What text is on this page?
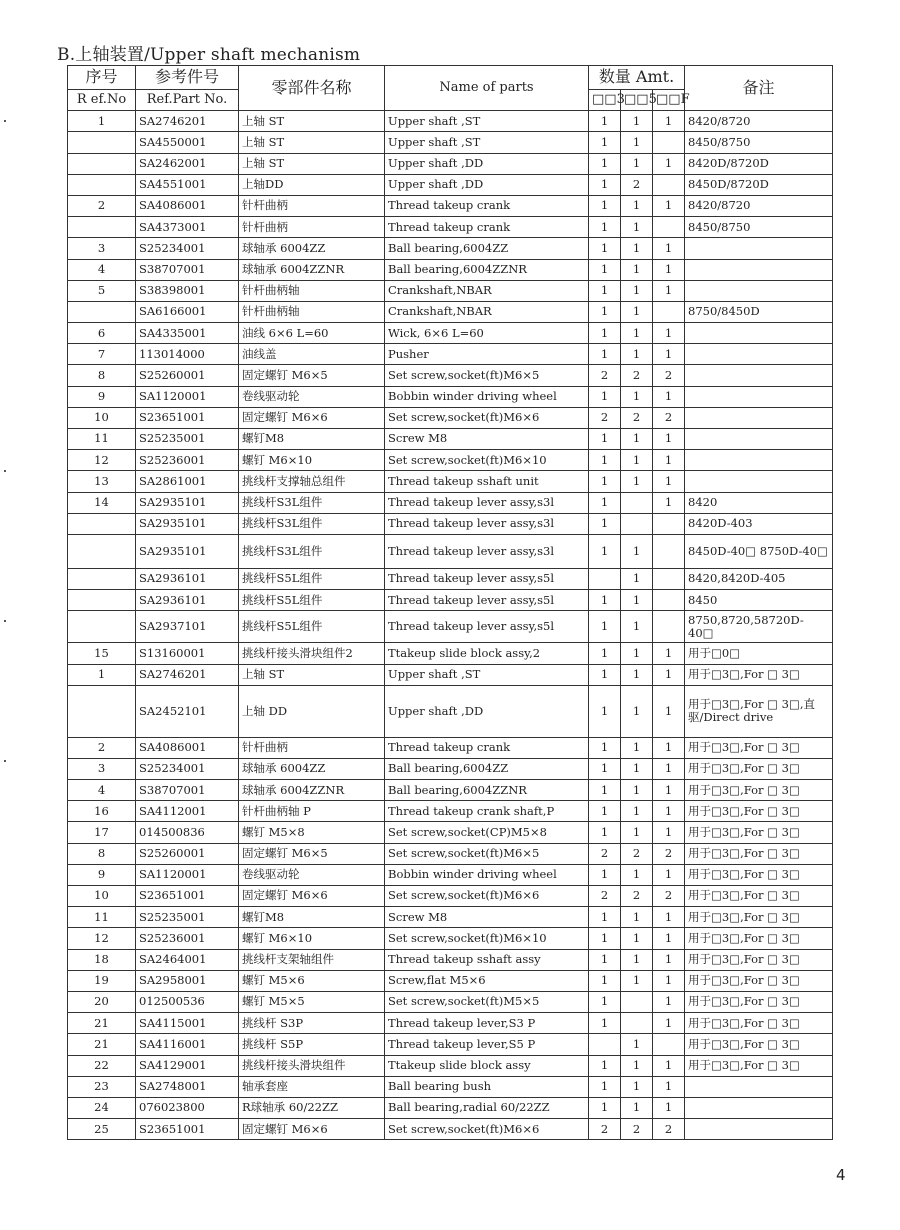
B.上轴装置/Upper shaft mechanism
序号	参考件号	零部件名称	Name of parts	数量 Amt.			备注
R ef.No	Ref.Part No.			□□3	□□5	□□F	
1	SA2746201	上轴 ST	Upper shaft ,ST	1	1	1	8420/8720
	SA4550001	上轴 ST	Upper shaft ,ST	1	1		8450/8750
	SA2462001	上轴 ST	Upper shaft ,DD	1	1	1	8420D/8720D
	SA4551001	上轴DD	Upper shaft ,DD	1	2		8450D/8720D
2	SA4086001	针杆曲柄	Thread takeup crank	1	1	1	8420/8720
	SA4373001	针杆曲柄	Thread takeup crank	1	1		8450/8750
3	S25234001	球轴承 6004ZZ	Ball bearing,6004ZZ	1	1	1	
4	S38707001	球轴承 6004ZZNR	Ball bearing,6004ZZNR	1	1	1	
5	S38398001	针杆曲柄轴	Crankshaft,NBAR	1	1	1	
	SA6166001	针杆曲柄轴	Crankshaft,NBAR	1	1		8750/8450D
6	SA4335001	油线 6×6 L=60	Wick, 6×6 L=60	1	1	1	
7	113014000	油线盖	Pusher	1	1	1	
8	S25260001	固定螺钉 M6×5	Set screw,socket(ft)M6×5	2	2	2	
9	SA1120001	卷线驱动轮	Bobbin winder driving wheel	1	1	1	
10	S23651001	固定螺钉 M6×6	Set screw,socket(ft)M6×6	2	2	2	
11	S25235001	螺钉M8	Screw M8	1	1	1	
12	S25236001	螺钉 M6×10	Set screw,socket(ft)M6×10	1	1	1	
13	SA2861001	挑线杆支撑轴总组件	Thread takeup sshaft unit	1	1	1	
14	SA2935101	挑线杆S3L组件	Thread takeup lever assy,s3l	1		1	8420
	SA2935101	挑线杆S3L组件	Thread takeup lever assy,s3l	1			8420D-403
	SA2935101	挑线杆S3L组件	Thread takeup lever assy,s3l	1	1		8450D-40□ 8750D-40□
	SA2936101	挑线杆S5L组件	Thread takeup lever assy,s5l		1		8420,8420D-405
	SA2936101	挑线杆S5L组件	Thread takeup lever assy,s5l	1	1		8450
	SA2937101	挑线杆S5L组件	Thread takeup lever assy,s5l	1	1		8750,8720,58720D-40□
15	S13160001	挑线杆接头滑块组件2	Ttakeup slide block assy,2	1	1	1	用于□0□
1	SA2746201	上轴 ST	Upper shaft ,ST	1	1	1	用于□3□,For □ 3□
	SA2452101	上轴 DD	Upper shaft ,DD	1	1	1	用于□3□,For □ 3□,直驱/Direct drive
2	SA4086001	针杆曲柄	Thread takeup crank	1	1	1	用于□3□,For □ 3□
3	S25234001	球轴承 6004ZZ	Ball bearing,6004ZZ	1	1	1	用于□3□,For □ 3□
4	S38707001	球轴承 6004ZZNR	Ball bearing,6004ZZNR	1	1	1	用于□3□,For □ 3□
16	SA4112001	针杆曲柄轴 P	Thread takeup crank shaft,P	1	1	1	用于□3□,For □ 3□
17	014500836	螺钉 M5×8	Set screw,socket(CP)M5×8	1	1	1	用于□3□,For □ 3□
8	S25260001	固定螺钉 M6×5	Set screw,socket(ft)M6×5	2	2	2	用于□3□,For □ 3□
9	SA1120001	卷线驱动轮	Bobbin winder driving wheel	1	1	1	用于□3□,For □ 3□
10	S23651001	固定螺钉 M6×6	Set screw,socket(ft)M6×6	2	2	2	用于□3□,For □ 3□
11	S25235001	螺钉M8	Screw M8	1	1	1	用于□3□,For □ 3□
12	S25236001	螺钉 M6×10	Set screw,socket(ft)M6×10	1	1	1	用于□3□,For □ 3□
18	SA2464001	挑线杆支架轴组件	Thread takeup sshaft assy	1	1	1	用于□3□,For □ 3□
19	SA2958001	螺钉 M5×6	Screw,flat M5×6	1	1	1	用于□3□,For □ 3□
20	012500536	螺钉 M5×5	Set screw,socket(ft)M5×5	1		1	用于□3□,For □ 3□
21	SA4115001	挑线杆 S3P	Thread takeup lever,S3 P	1		1	用于□3□,For □ 3□
21	SA4116001	挑线杆 S5P	Thread takeup lever,S5 P		1		用于□3□,For □ 3□
22	SA4129001	挑线杆接头滑块组件	Ttakeup slide block assy	1	1	1	用于□3□,For □ 3□
23	SA2748001	轴承套座	Ball bearing bush	1	1	1	
24	076023800	R球轴承 60/22ZZ	Ball bearing,radial 60/22ZZ	1	1	1	
25	S23651001	固定螺钉 M6×6	Set screw,socket(ft)M6×6	2	2	2	
4
